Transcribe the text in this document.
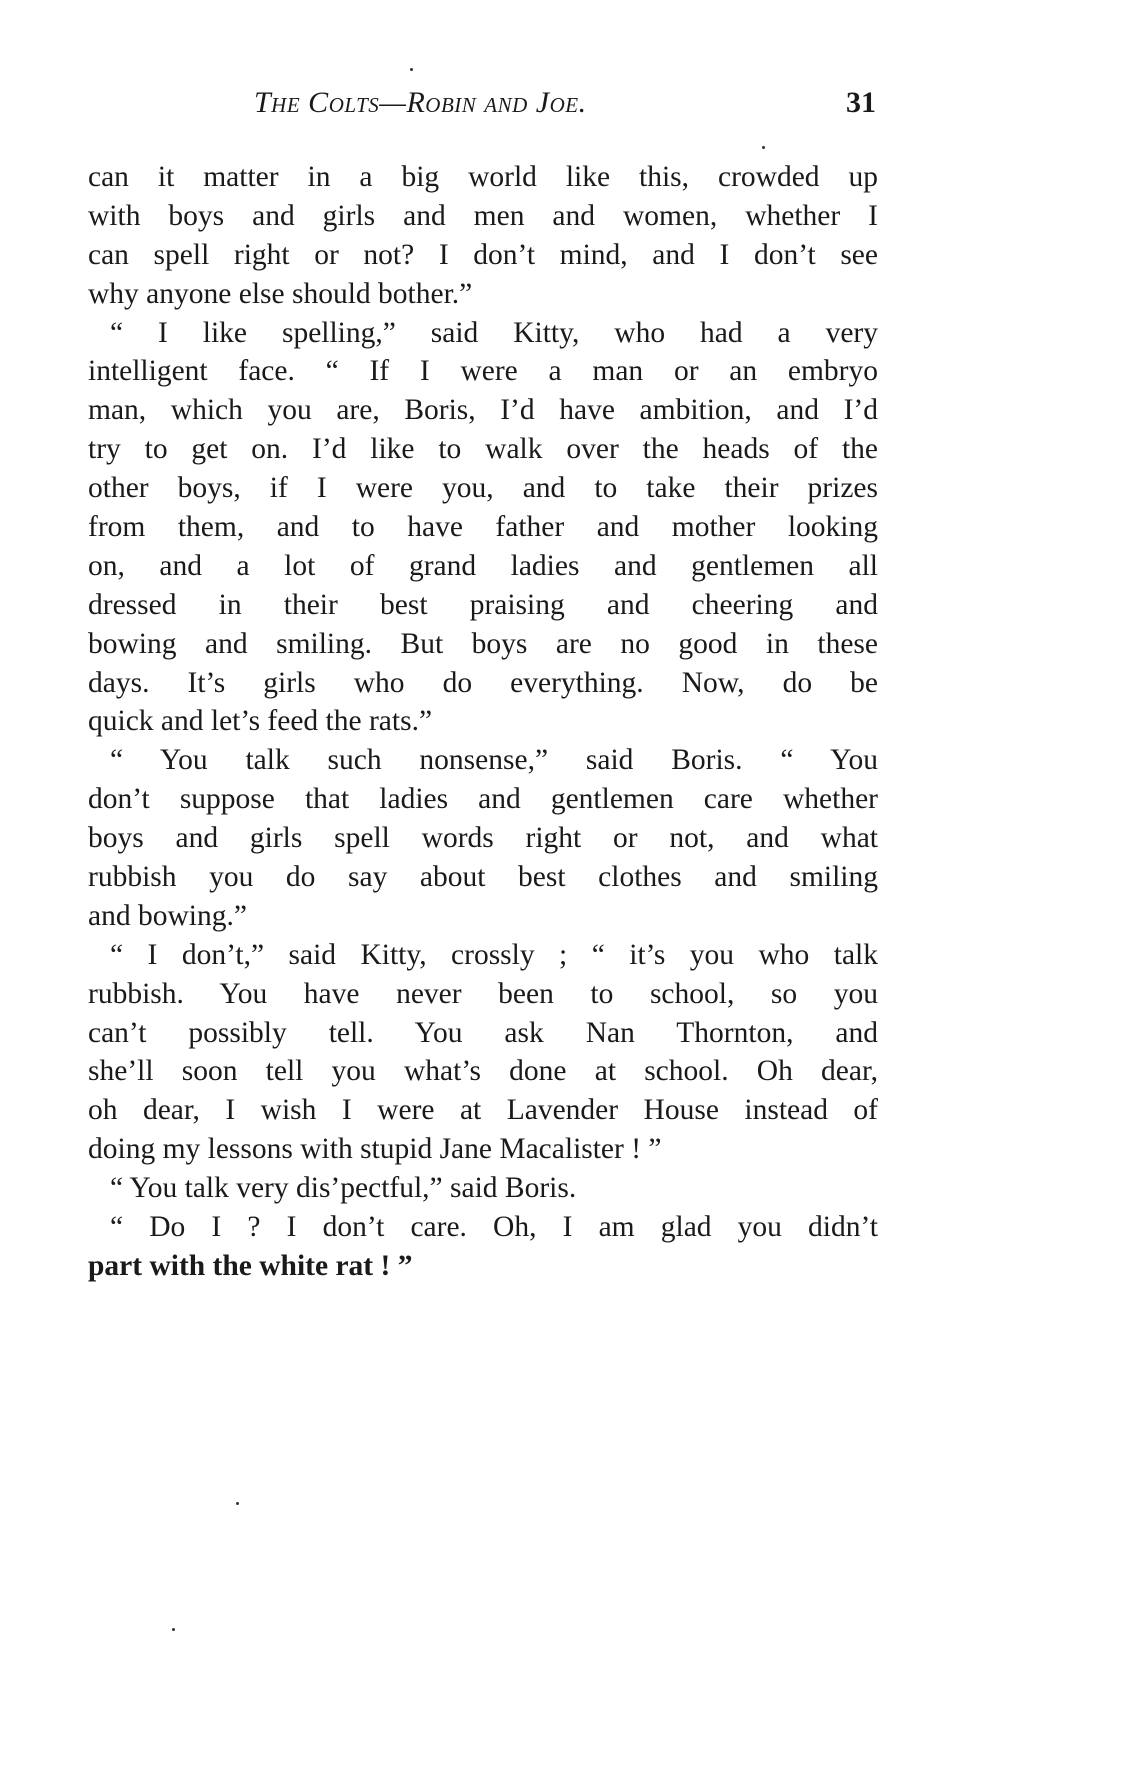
The Colts—Robin and Joe.	31
can it matter in a big world like this, crowded up
with boys and girls and men and women, whether I
can spell right or not? I don’t mind, and I don’t see
why anyone else should bother.”
“ I like spelling,” said Kitty, who had a very
intelligent face. “ If I were a man or an embryo
man, which you are, Boris, I’d have ambition, and I’d
try to get on. I’d like to walk over the heads of the
other boys, if I were you, and to take their prizes
from them, and to have father and mother looking
on, and a lot of grand ladies and gentlemen all
dressed in their best praising and cheering and
bowing and smiling. But boys are no good in these
days. It’s girls who do everything. Now, do be
quick and let’s feed the rats.”
“ You talk such nonsense,” said Boris. “ You
don’t suppose that ladies and gentlemen care whether
boys and girls spell words right or not, and what
rubbish you do say about best clothes and smiling
and bowing.”
“ I don’t,” said Kitty, crossly ; “ it’s you who talk
rubbish. You have never been to school, so you
can’t possibly tell. You ask Nan Thornton, and
she’ll soon tell you what’s done at school. Oh dear,
oh dear, I wish I were at Lavender House instead of
doing my lessons with stupid Jane Macalister ! ”
“ You talk very dis’pectful,” said Boris.
“ Do I ? I don’t care. Oh, I am glad you didn’t
part with the white rat ! ”
